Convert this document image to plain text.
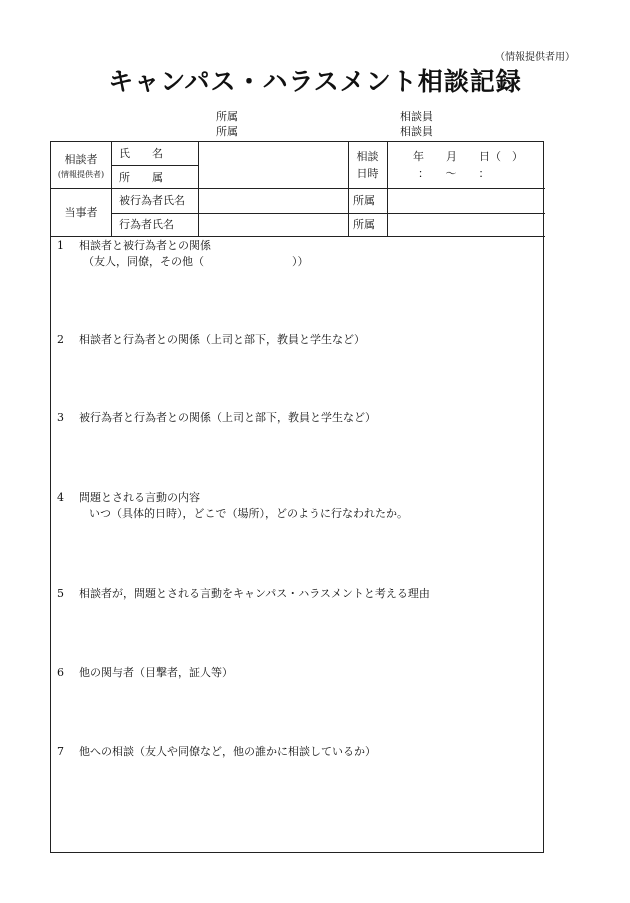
（情報提供者用）
キャンパス・ハラスメント相談記録
所属
所属
相談員
相談員
相談者
(情報提供者)
氏　　名
所　　属
相談
日時
年　　月　　日（　）
：　　〜　　：
当事者
被行為者氏名
行為者氏名
所属
所属
1 相談者と被行為者との関係
（友人，同僚，その他（　　　　　　　　））
2 相談者と行為者との関係（上司と部下，教員と学生など）
3 被行為者と行為者との関係（上司と部下，教員と学生など）
4 問題とされる言動の内容
いつ（具体的日時），どこで（場所），どのように行なわれたか。
5 相談者が，問題とされる言動をキャンパス・ハラスメントと考える理由
6 他の関与者（目撃者，証人等）
7 他への相談（友人や同僚など，他の誰かに相談しているか）
